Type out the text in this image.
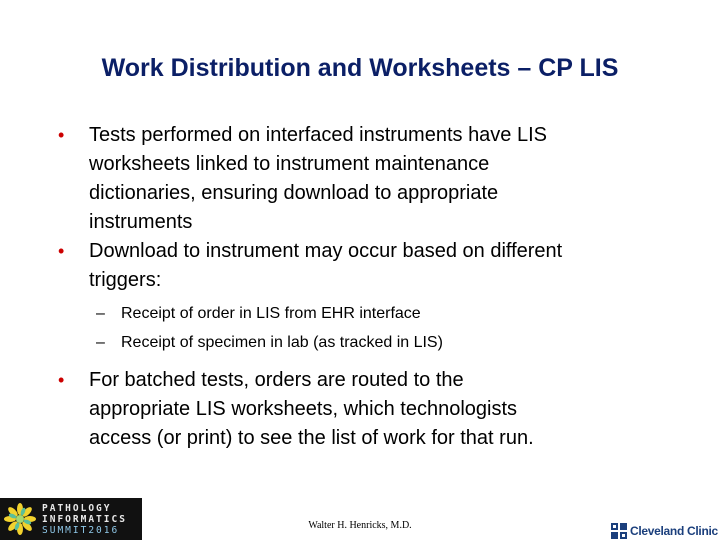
Work Distribution and Worksheets – CP LIS
• Tests performed on interfaced instruments have LIS
worksheets linked to instrument maintenance
dictionaries, ensuring download to appropriate
instruments
• Download to instrument may occur based on different
triggers:
– Receipt of order in LIS from EHR interface
– Receipt of specimen in lab (as tracked in LIS)
• For batched tests, orders are routed to the
appropriate LIS worksheets, which technologists
access (or print) to see the list of work for that run.
PATHOLOGY
INFORMATICS
SUMMIT2016	Walter H. Henricks, M.D.	Cleveland Clinic
